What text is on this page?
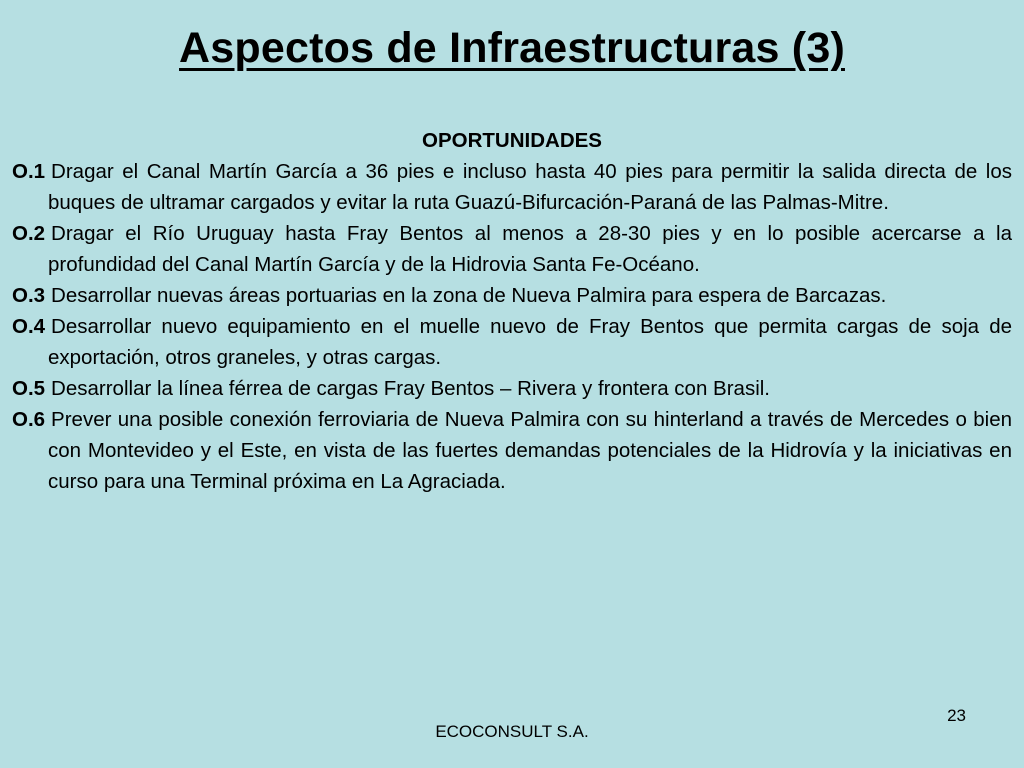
Aspectos de Infraestructuras (3)
OPORTUNIDADES
O.1 Dragar el Canal Martín García a 36 pies e incluso hasta 40 pies para permitir la salida directa de los buques de ultramar cargados y evitar la ruta Guazú-Bifurcación-Paraná de las Palmas-Mitre.
O.2 Dragar el Río Uruguay hasta Fray Bentos al menos a 28-30 pies y en lo posible acercarse a la profundidad del Canal Martín García y de la Hidrovia Santa Fe-Océano.
O.3 Desarrollar nuevas áreas portuarias en la zona de Nueva Palmira para espera de Barcazas.
O.4 Desarrollar nuevo equipamiento en el muelle nuevo de Fray Bentos que permita cargas de soja de exportación, otros graneles, y otras cargas.
O.5 Desarrollar la línea férrea de cargas Fray Bentos – Rivera y frontera con Brasil.
O.6 Prever una posible conexión ferroviaria de Nueva Palmira con su hinterland a través de Mercedes o bien con Montevideo y el Este, en vista de las fuertes demandas potenciales de la Hidrovía y la iniciativas en curso para una Terminal próxima en La Agraciada.
23
ECOCONSULT S.A.
